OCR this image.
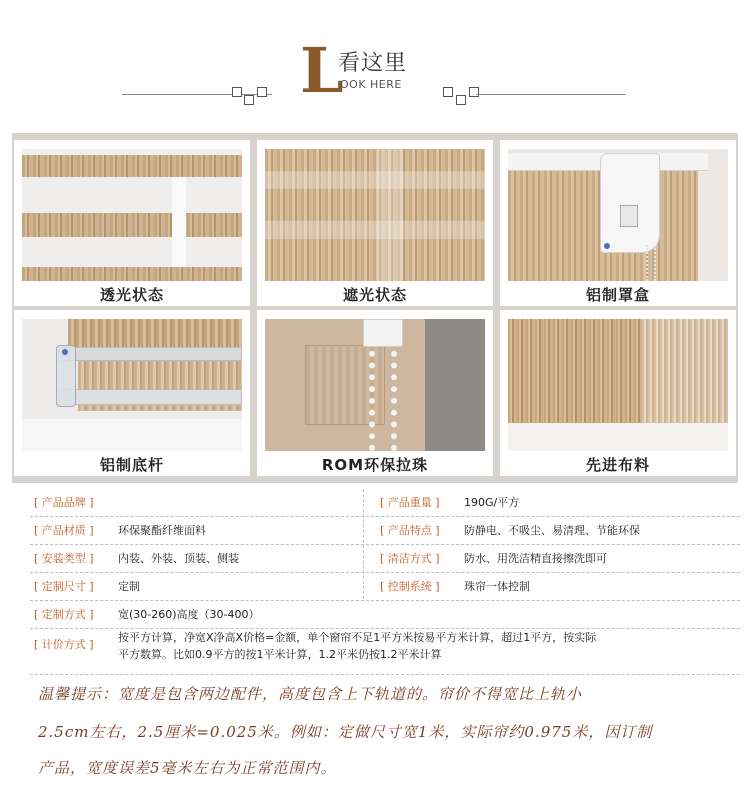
L
看这里
OOK HERE
透光状态	遮光状态	铝制罩盒
铝制底杆	ROM环保拉珠	先进布料
[ 产品品牌 ]	[ 产品重量 ] 190G/平方
[ 产品材质 ] 环保聚酯纤维面料	[ 产品特点 ] 防静电、不吸尘、易清理、节能环保
[ 安装类型 ] 内装、外装、顶装、侧装	[ 清洁方式 ] 防水、用洗洁精直接擦洗即可
[ 定制尺寸 ] 定制	[ 控制系统 ] 珠帘一体控制
[ 定制方式 ] 宽(30-260)高度（30-400）
[ 计价方式 ]
按平方计算，净宽X净高X价格=金额，单个窗帘不足1平方米按易平方米计算，超过1平方，按实际
平方数算。比如0.9平方的按1平米计算，1.2平米仍按1.2平米计算
温馨提示：宽度是包含两边配件，高度包含上下轨道的。帘价不得宽比上轨小
2.5cm左右，2.5厘米=0.025米。例如：定做尺寸宽1米，实际帘约0.975米，因订制
产品，宽度误差5毫米左右为正常范围内。
